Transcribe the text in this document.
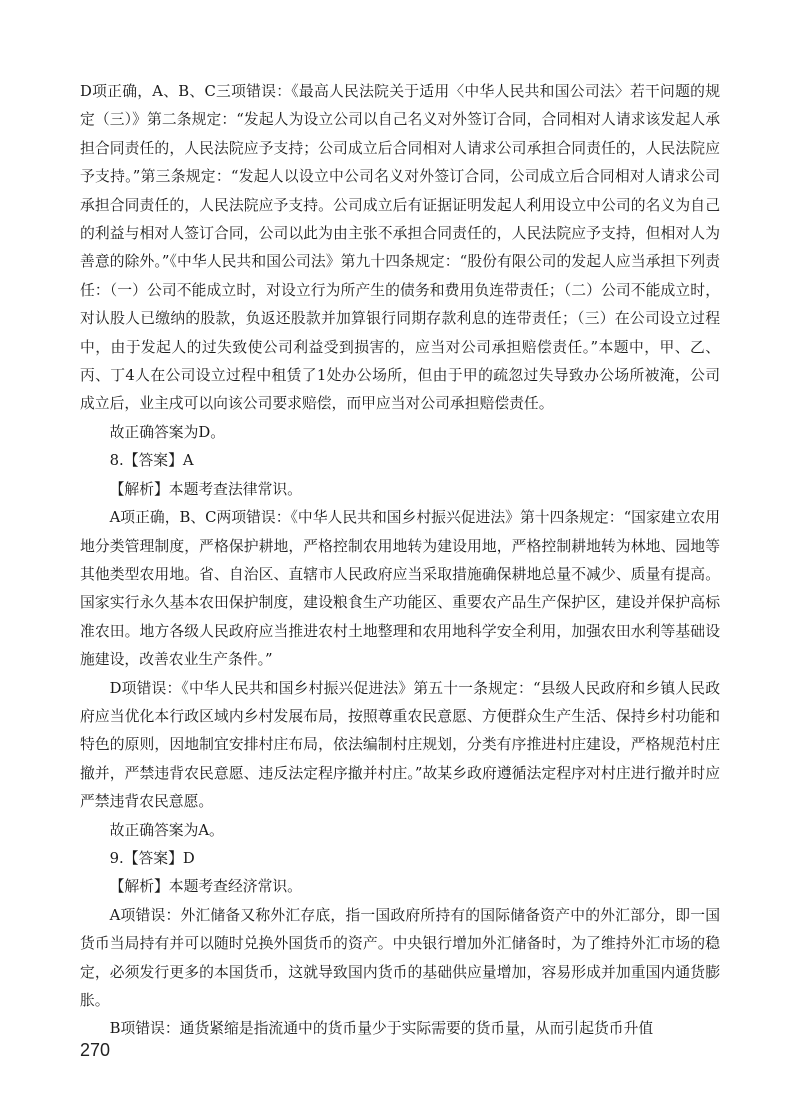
D项正确，A、B、C三项错误：《最高人民法院关于适用〈中华人民共和国公司法〉若干问题的规定（三）》第二条规定：“发起人为设立公司以自己名义对外签订合同，合同相对人请求该发起人承担合同责任的，人民法院应予支持；公司成立后合同相对人请求公司承担合同责任的，人民法院应予支持。”第三条规定：“发起人以设立中公司名义对外签订合同，公司成立后合同相对人请求公司承担合同责任的，人民法院应予支持。公司成立后有证据证明发起人利用设立中公司的名义为自己的利益与相对人签订合同，公司以此为由主张不承担合同责任的，人民法院应予支持，但相对人为善意的除外。”《中华人民共和国公司法》第九十四条规定：“股份有限公司的发起人应当承担下列责任：（一）公司不能成立时，对设立行为所产生的债务和费用负连带责任；（二）公司不能成立时，对认股人已缴纳的股款，负返还股款并加算银行同期存款利息的连带责任；（三）在公司设立过程中，由于发起人的过失致使公司利益受到损害的，应当对公司承担赔偿责任。”本题中，甲、乙、丙、丁4人在公司设立过程中租赁了1处办公场所，但由于甲的疏忽过失导致办公场所被淹，公司成立后，业主戌可以向该公司要求赔偿，而甲应当对公司承担赔偿责任。

故正确答案为D。

8.【答案】A

【解析】本题考查法律常识。

A项正确，B、C两项错误：《中华人民共和国乡村振兴促进法》第十四条规定：“国家建立农用地分类管理制度，严格保护耕地，严格控制农用地转为建设用地，严格控制耕地转为林地、园地等其他类型农用地。省、自治区、直辖市人民政府应当采取措施确保耕地总量不减少、质量有提高。国家实行永久基本农田保护制度，建设粮食生产功能区、重要农产品生产保护区，建设并保护高标准农田。地方各级人民政府应当推进农村土地整理和农用地科学安全利用，加强农田水利等基础设施建设，改善农业生产条件。”

D项错误：《中华人民共和国乡村振兴促进法》第五十一条规定：“县级人民政府和乡镇人民政府应当优化本行政区域内乡村发展布局，按照尊重农民意愿、方便群众生产生活、保持乡村功能和特色的原则，因地制宜安排村庄布局，依法编制村庄规划，分类有序推进村庄建设，严格规范村庄撤并，严禁违背农民意愿、违反法定程序撤并村庄。”故某乡政府遵循法定程序对村庄进行撤并时应严禁违背农民意愿。

故正确答案为A。

9.【答案】D

【解析】本题考查经济常识。

A项错误：外汇储备又称外汇存底，指一国政府所持有的国际储备资产中的外汇部分，即一国货币当局持有并可以随时兑换外国货币的资产。中央银行增加外汇储备时，为了维持外汇市场的稳定，必须发行更多的本国货币，这就导致国内货币的基础供应量增加，容易形成并加重国内通货膨胀。

B项错误：通货紧缩是指流通中的货币量少于实际需要的货币量，从而引起货币升值

270
